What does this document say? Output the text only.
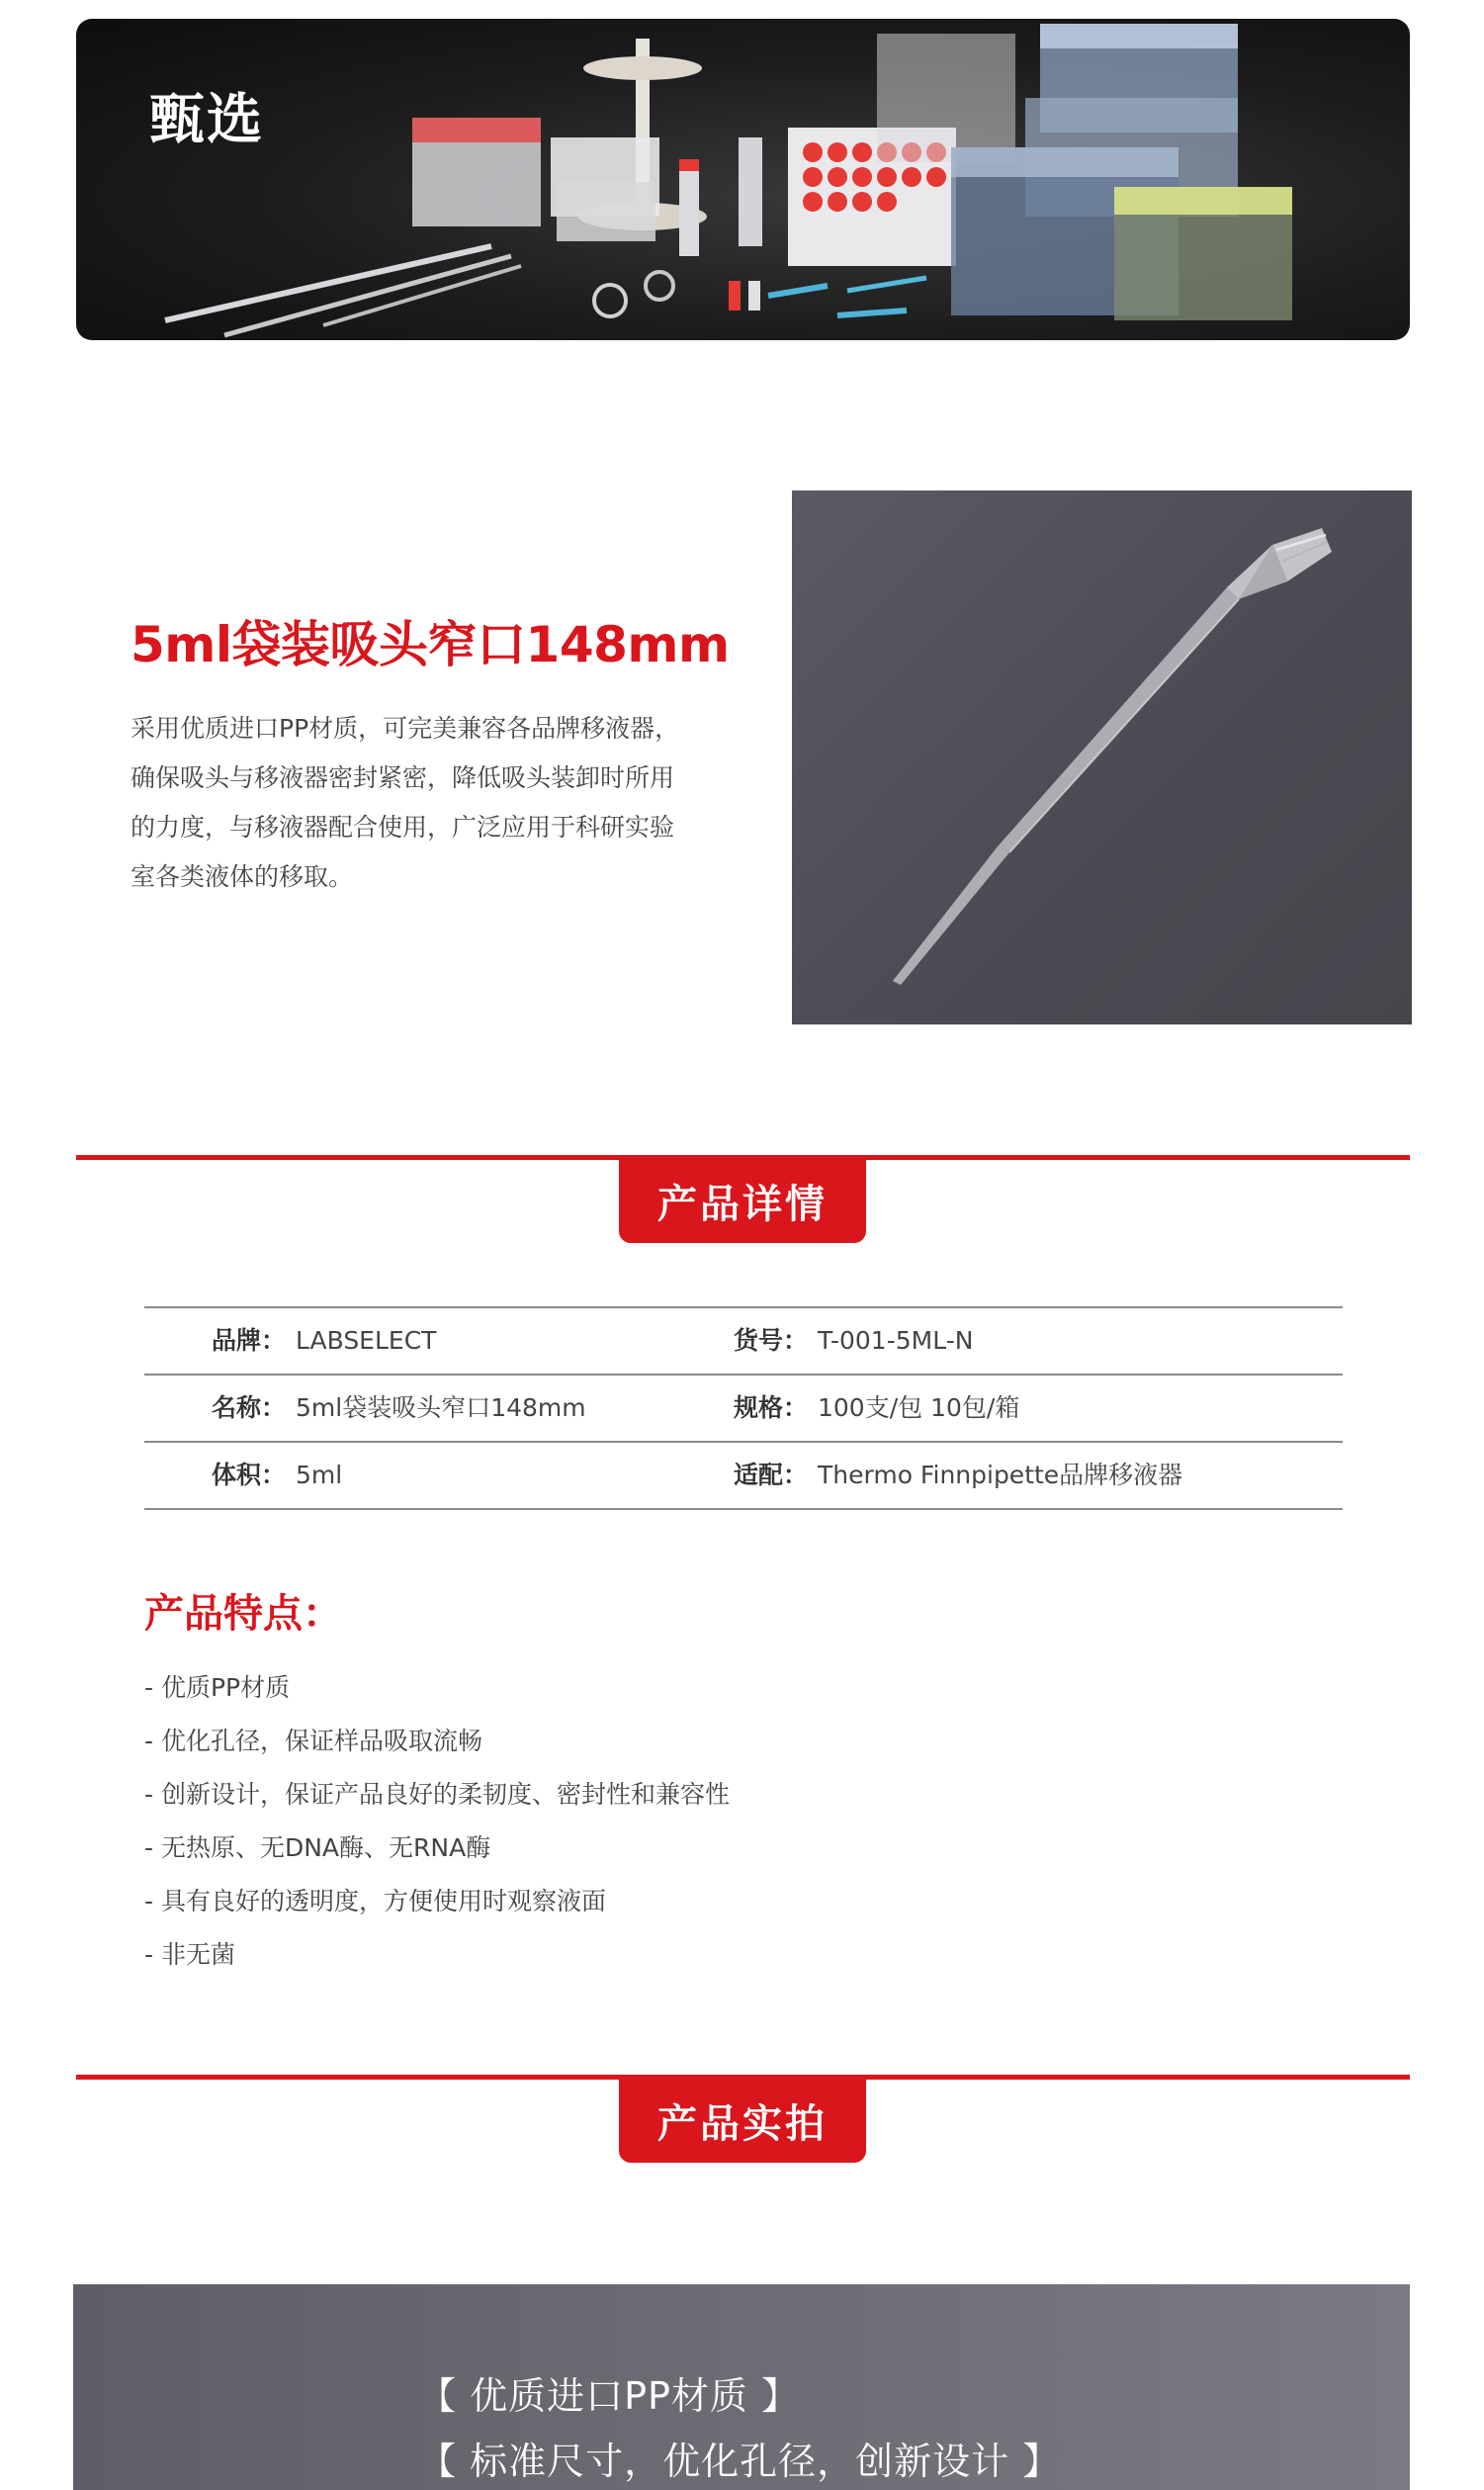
甄选
5ml袋装吸头窄口148mm
采用优质进口PP材质，可完美兼容各品牌移液器，确保吸头与移液器密封紧密，降低吸头装卸时所用的力度，与移液器配合使用，广泛应用于科研实验室各类液体的移取。
产品详情
品牌： LABSELECT	货号： T-001-5ML-N
名称： 5ml袋装吸头窄口148mm	规格： 100支/包 10包/箱
体积： 5ml	适配： Thermo Finnpipette品牌移液器
产品特点：
- 优质PP材质
- 优化孔径，保证样品吸取流畅
- 创新设计，保证产品良好的柔韧度、密封性和兼容性
- 无热原、无DNA酶、无RNA酶
- 具有良好的透明度，方便使用时观察液面
- 非无菌
产品实拍
【 优质进口PP材质 】
【 标准尺寸，优化孔径，创新设计 】
